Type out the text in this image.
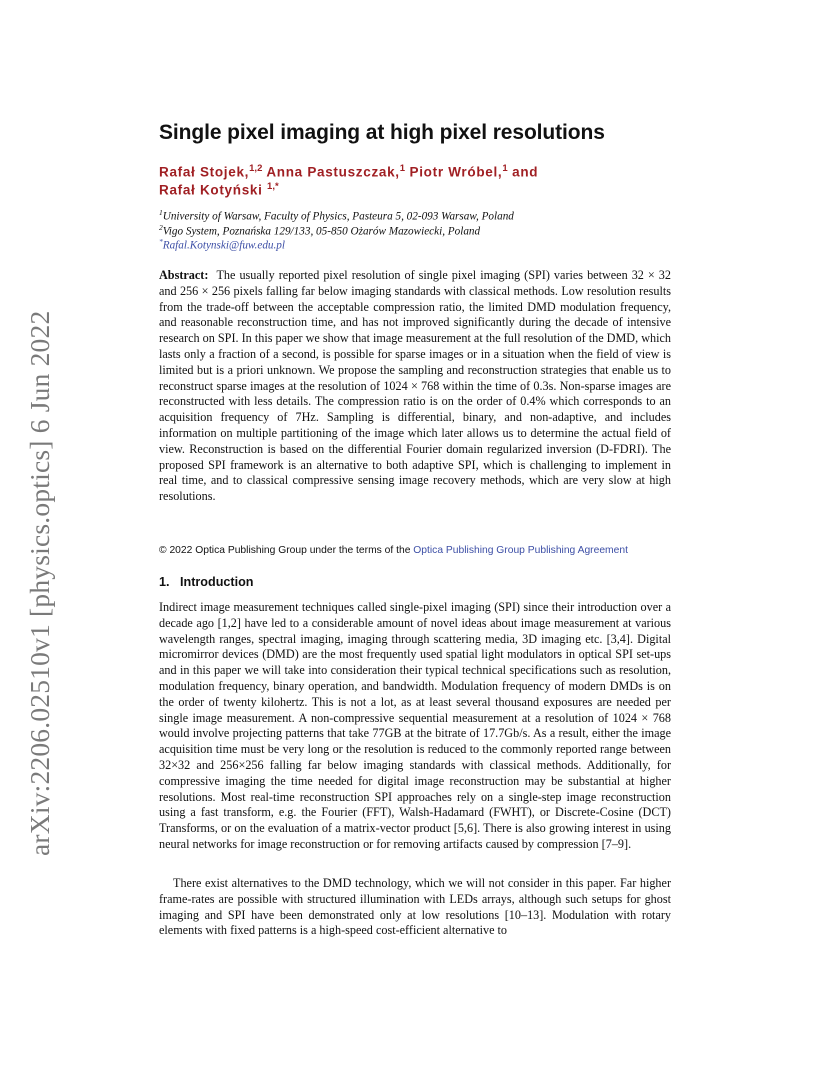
arXiv:2206.02510v1 [physics.optics] 6 Jun 2022
Single pixel imaging at high pixel resolutions
Rafał Stojek,$^{1,2}$ Anna Pastuszczak,$^1$ Piotr Wróbel,$^1$ and
Rafał Kotyński $^{1,*}$
$^1$University of Warsaw, Faculty of Physics, Pasteura 5, 02-093 Warsaw, Poland
$^2$Vigo System, Poznańska 129/133, 05-850 Ożarów Mazowiecki, Poland
*Rafal.Kotynski@fuw.edu.pl
Abstract: The usually reported pixel resolution of single pixel imaging (SPI) varies between 32 × 32 and 256 × 256 pixels falling far below imaging standards with classical methods. Low resolution results from the trade-off between the acceptable compression ratio, the limited DMD modulation frequency, and reasonable reconstruction time, and has not improved significantly during the decade of intensive research on SPI. In this paper we show that image measurement at the full resolution of the DMD, which lasts only a fraction of a second, is possible for sparse images or in a situation when the field of view is limited but is a priori unknown. We propose the sampling and reconstruction strategies that enable us to reconstruct sparse images at the resolution of 1024 × 768 within the time of 0.3s. Non-sparse images are reconstructed with less details. The compression ratio is on the order of 0.4% which corresponds to an acquisition frequency of 7Hz. Sampling is differential, binary, and non-adaptive, and includes information on multiple partitioning of the image which later allows us to determine the actual field of view. Reconstruction is based on the differential Fourier domain regularized inversion (D-FDRI). The proposed SPI framework is an alternative to both adaptive SPI, which is challenging to implement in real time, and to classical compressive sensing image recovery methods, which are very slow at high resolutions.
© 2022 Optica Publishing Group under the terms of the Optica Publishing Group Publishing Agreement
1. Introduction

Indirect image measurement techniques called single-pixel imaging (SPI) since their introduction over a decade ago [1,2] have led to a considerable amount of novel ideas about image measurement at various wavelength ranges, spectral imaging, imaging through scattering media, 3D imaging etc. [3,4]. Digital micromirror devices (DMD) are the most frequently used spatial light modulators in optical SPI set-ups and in this paper we will take into consideration their typical technical specifications such as resolution, modulation frequency, binary operation, and bandwidth. Modulation frequency of modern DMDs is on the order of twenty kilohertz. This is not a lot, as at least several thousand exposures are needed per single image measurement. A non-compressive sequential measurement at a resolution of 1024 × 768 would involve projecting patterns that take 77GB at the bitrate of 17.7Gb/s. As a result, either the image acquisition time must be very long or the resolution is reduced to the commonly reported range between 32×32 and 256×256 falling far below imaging standards with classical methods. Additionally, for compressive imaging the time needed for digital image reconstruction may be substantial at higher resolutions. Most real-time reconstruction SPI approaches rely on a single-step image reconstruction using a fast transform, e.g. the Fourier (FFT), Walsh-Hadamard (FWHT), or Discrete-Cosine (DCT) Transforms, or on the evaluation of a matrix-vector product [5,6]. There is also growing interest in using neural networks for image reconstruction or for removing artifacts caused by compression [7–9].

There exist alternatives to the DMD technology, which we will not consider in this paper. Far higher frame-rates are possible with structured illumination with LEDs arrays, although such setups for ghost imaging and SPI have been demonstrated only at low resolutions [10–13]. Modulation with rotary elements with fixed patterns is a high-speed cost-efficient alternative to
